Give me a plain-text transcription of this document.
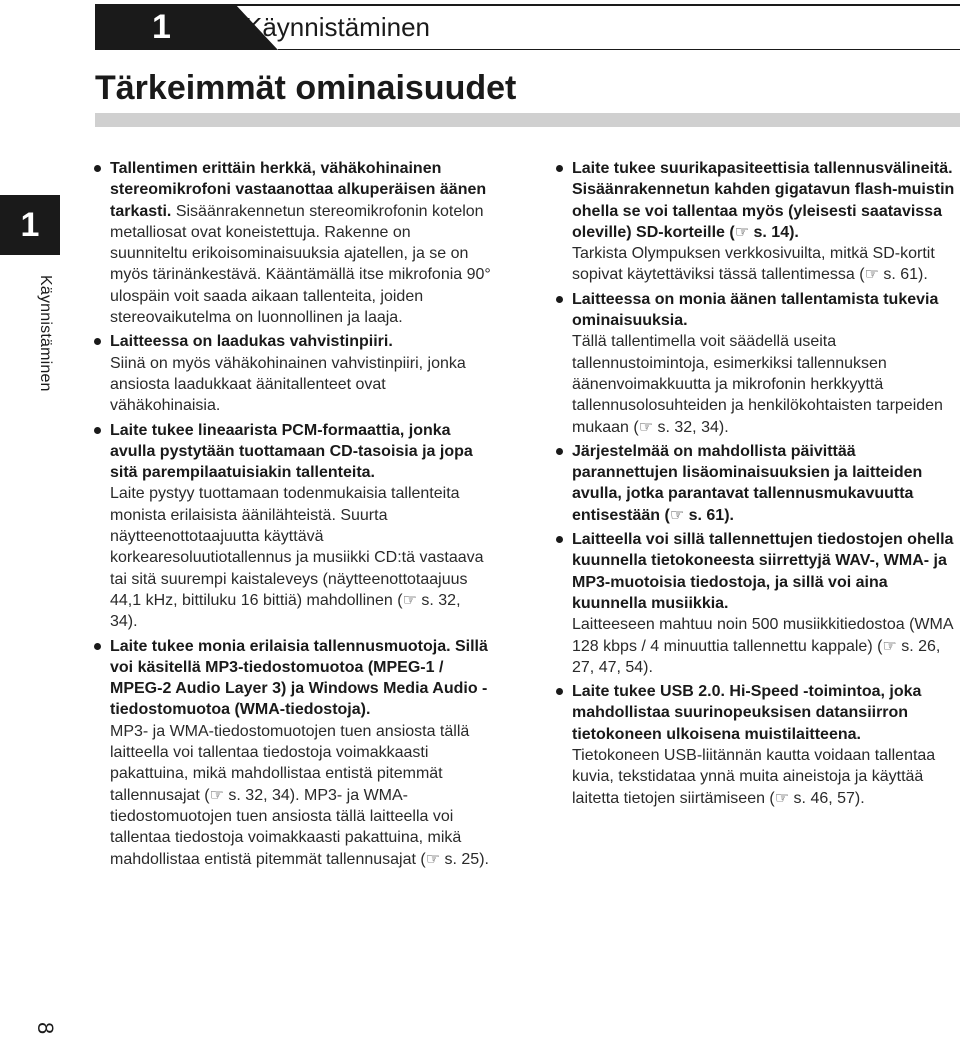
1	Käynnistäminen
Tärkeimmät ominaisuudet
1
Käynnistäminen

Tallentimen erittäin herkkä, vähäkohinainen stereomikrofoni vastaanottaa alkuperäisen äänen tarkasti. Sisäänrakennetun stereomikrofonin kotelon metalliosat ovat koneistettuja. Rakenne on suunniteltu erikoisominaisuuksia ajatellen, ja se on myös tärinänkestävä. Kääntämällä itse mikrofonia 90° ulospäin voit saada aikaan tallenteita, joiden stereovaikutelma on luonnollinen ja laaja.

Laitteessa on laadukas vahvistinpiiri.
Siinä on myös vähäkohinainen vahvistinpiiri, jonka ansiosta laadukkaat äänitallenteet ovat vähäkohinaisia.

Laite tukee lineaarista PCM-formaattia, jonka avulla pystytään tuottamaan CD-tasoisia ja jopa sitä parempilaatuisiakin tallenteita.
Laite pystyy tuottamaan todenmukaisia tallenteita monista erilaisista äänilähteistä. Suurta näytteenottotaajuutta käyttävä korkearesoluutiotallennus ja musiikki CD:tä vastaava tai sitä suurempi kaistaleveys (näytteenottotaajuus 44,1 kHz, bittiluku 16 bittiä) mahdollinen (☞ s. 32, 34).

Laite tukee monia erilaisia tallennusmuotoja. Sillä voi käsitellä MP3-tiedostomuotoa (MPEG-1 / MPEG-2 Audio Layer 3) ja Windows Media Audio -tiedostomuotoa (WMA-tiedostoja).
MP3- ja WMA-tiedostomuotojen tuen ansiosta tällä laitteella voi tallentaa tiedostoja voimakkaasti pakattuina, mikä mahdollistaa entistä pitemmät tallennusajat (☞ s. 32, 34). MP3- ja WMA-tiedostomuotojen tuen ansiosta tällä laitteella voi tallentaa tiedostoja voimakkaasti pakattuina, mikä mahdollistaa entistä pitemmät tallennusajat (☞ s. 25).

Laite tukee suurikapasiteettisia tallennusvälineitä. Sisäänrakennetun kahden gigatavun flash-muistin ohella se voi tallentaa myös (yleisesti saatavissa oleville) SD-korteille (☞ s. 14).
Tarkista Olympuksen verkkosivuilta, mitkä SD-kortit sopivat käytettäviksi tässä tallentimessa (☞ s. 61).

Laitteessa on monia äänen tallentamista tukevia ominaisuuksia.
Tällä tallentimella voit säädellä useita tallennustoimintoja, esimerkiksi tallennuksen äänenvoimakkuutta ja mikrofonin herkkyyttä tallennusolosuhteiden ja henkilökohtaisten tarpeiden mukaan (☞ s. 32, 34).

Järjestelmää on mahdollista päivittää parannettujen lisäominaisuuksien ja laitteiden avulla, jotka parantavat tallennusmukavuutta entisestään (☞ s. 61).

Laitteella voi sillä tallennettujen tiedostojen ohella kuunnella tietokoneesta siirrettyjä WAV-, WMA- ja MP3-muotoisia tiedostoja, ja sillä voi aina kuunnella musiikkia.
Laitteeseen mahtuu noin 500 musiikkitiedostoa (WMA 128 kbps / 4 minuuttia tallennettu kappale) (☞ s. 26, 27, 47, 54).

Laite tukee USB 2.0. Hi-Speed -toimintoa, joka mahdollistaa suurinopeuksisen datansiirron tietokoneen ulkoisena muistilaitteena.
Tietokoneen USB-liitännän kautta voidaan tallentaa kuvia, tekstidataa ynnä muita aineistoja ja käyttää laitetta tietojen siirtämiseen (☞ s. 46, 57).

8
